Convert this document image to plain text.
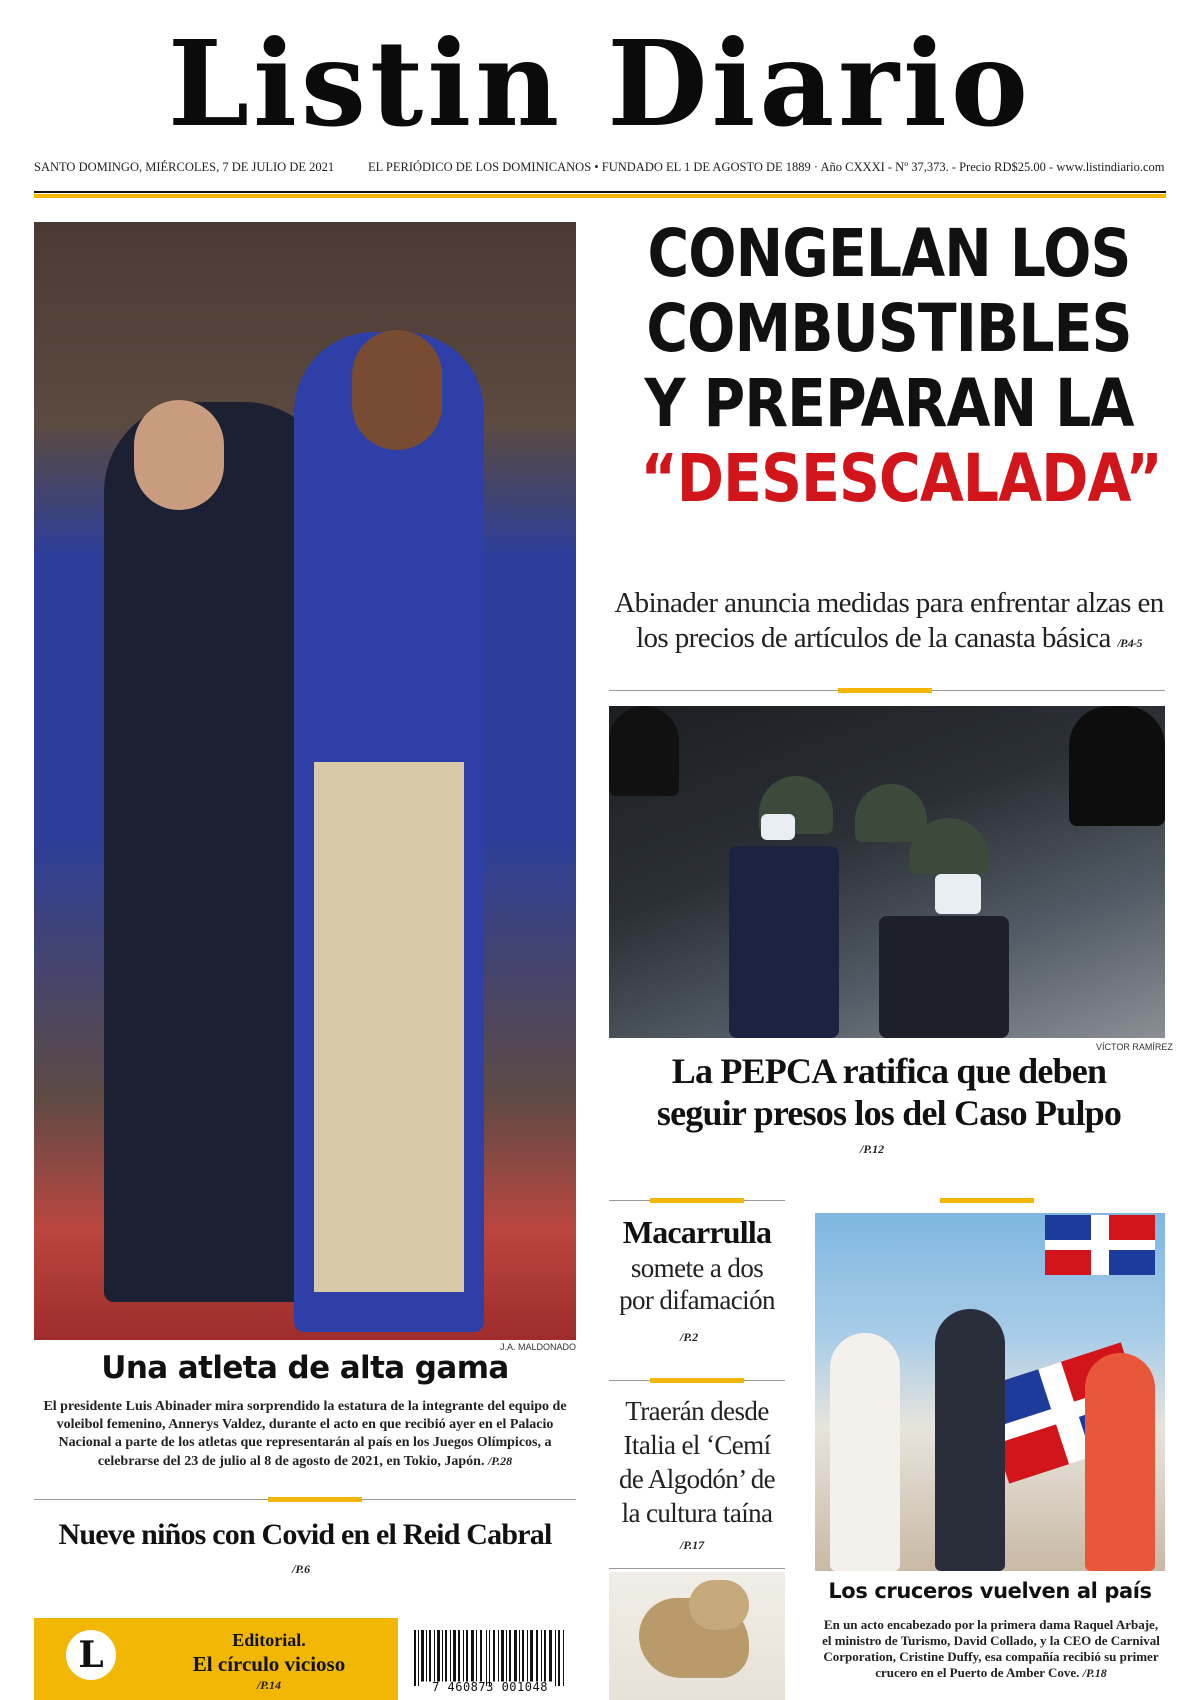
Listin Diario
SANTO DOMINGO, MIÉRCOLES, 7 DE JULIO DE 2021	EL PERIÓDICO DE LOS DOMINICANOS • FUNDADO EL 1 DE AGOSTO DE 1889 · Año CXXXI - Nº 37,373. - Precio RD$25.00 - www.listindiario.com
J.A. MALDONADO
CONGELAN LOS
COMBUSTIBLES
Y PREPARAN LA
“DESESCALADA”
Abinader anuncia medidas para enfrentar alzas en
los precios de artículos de la canasta básica /P.4-5
VÍCTOR RAMÍREZ
La PEPCA ratifica que deben
seguir presos los del Caso Pulpo
/P.12
Una atleta de alta gama
El presidente Luis Abinader mira sorprendido la estatura de la integrante del equipo de voleibol femenino, Annerys Valdez, durante el acto en que recibió ayer en el Palacio Nacional a parte de los atletas que representarán al país en los Juegos Olímpicos, a celebrarse del 23 de julio al 8 de agosto de 2021, en Tokio, Japón. /P.28
Nueve niños con Covid en el Reid Cabral
/P.6
Macarrulla
somete a dos
por difamación
/P.2
Traerán desde
Italia el ‘Cemí
de Algodón’ de
la cultura taína
/P.17
Los cruceros vuelven al país
En un acto encabezado por la primera dama Raquel Arbaje, el ministro de Turismo, David Collado, y la CEO de Carnival Corporation, Cristine Duffy, esa compañía recibió su primer crucero en el Puerto de Amber Cove. /P.18
L	Editorial.
El círculo vicioso
/P.14	7 460873 001048
